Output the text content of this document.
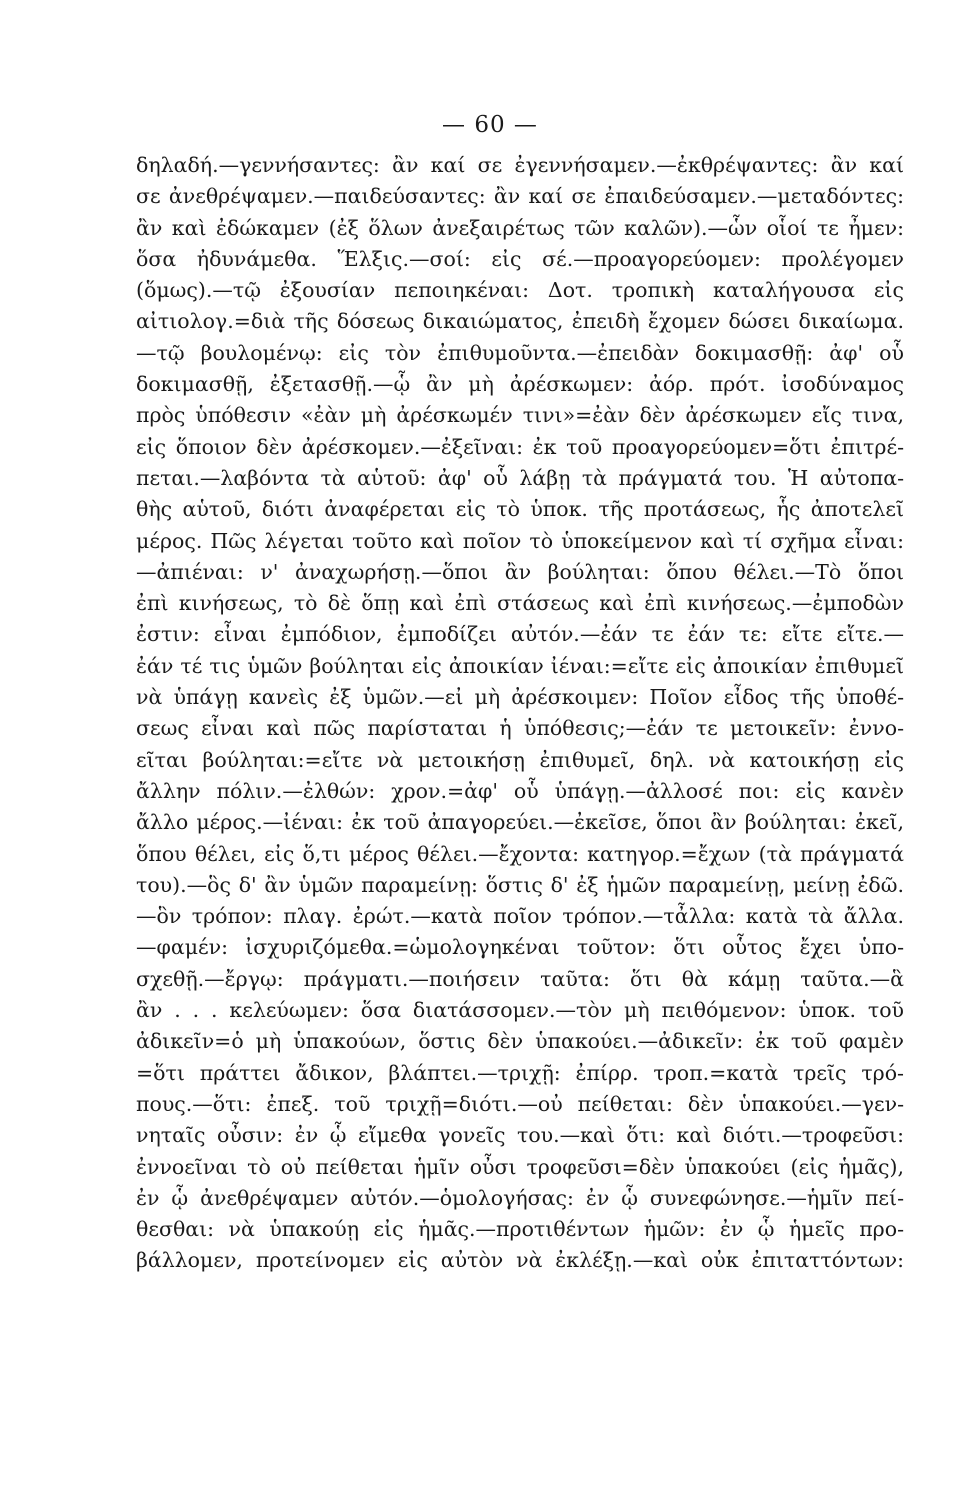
— 60 —
δηλαδή.—γεννήσαντες: ἂν καί σε ἐγεννήσαμεν.—ἐκθρέψαντες: ἂν καί
σε ἀνεθρέψαμεν.—παιδεύσαντες: ἂν καί σε ἐπαιδεύσαμεν.—μεταδόντες:
ἂν καὶ ἐδώκαμεν (ἐξ ὅλων ἀνεξαιρέτως τῶν καλῶν).—ὧν οἷοί τε ἦμεν:
ὅσα ἠδυνάμεθα. Ἕλξις.—σοί: εἰς σέ.—προαγορεύομεν: προλέγομεν
(ὅμως).—τῷ ἐξουσίαν πεποιηκέναι: Δοτ. τροπικὴ καταλήγουσα εἰς
αἰτιολογ.=διὰ τῆς δόσεως δικαιώματος, ἐπειδὴ ἔχομεν δώσει δικαίωμα.
—τῷ βουλομένῳ: εἰς τὸν ἐπιθυμοῦντα.—ἐπειδὰν δοκιμασθῇ: ἀφ' οὗ
δοκιμασθῇ, ἐξετασθῇ.—ᾧ ἂν μὴ ἀρέσκωμεν: ἀόρ. πρότ. ἰσοδύναμος
πρὸς ὑπόθεσιν «ἐὰν μὴ ἀρέσκωμέν τινι»=ἐὰν δὲν ἀρέσκωμεν εἴς τινα,
εἰς ὅποιον δὲν ἀρέσκομεν.—ἐξεῖναι: ἐκ τοῦ προαγορεύομεν=ὅτι ἐπιτρέ-
πεται.—λαβόντα τὰ αὑτοῦ: ἀφ' οὗ λάβῃ τὰ πράγματά του. Ἡ αὐτοπα-
θὴς αὑτοῦ, διότι ἀναφέρεται εἰς τὸ ὑποκ. τῆς προτάσεως, ἧς ἀποτελεῖ
μέρος. Πῶς λέγεται τοῦτο καὶ ποῖον τὸ ὑποκείμενον καὶ τί σχῆμα εἶναι:
—ἀπιέναι: ν' ἀναχωρήσῃ.—ὅποι ἂν βούληται: ὅπου θέλει.—Τὸ ὅποι
ἐπὶ κινήσεως, τὸ δὲ ὅπῃ καὶ ἐπὶ στάσεως καὶ ἐπὶ κινήσεως.—ἐμποδὼν
ἐστιν: εἶναι ἐμπόδιον, ἐμποδίζει αὐτόν.—ἐάν τε ἐάν τε: εἴτε εἴτε.—
ἐάν τέ τις ὑμῶν βούληται εἰς ἀποικίαν ἰέναι:=εἴτε εἰς ἀποικίαν ἐπιθυμεῖ
νὰ ὑπάγῃ κανεὶς ἐξ ὑμῶν.—εἰ μὴ ἀρέσκοιμεν: Ποῖον εἶδος τῆς ὑποθέ-
σεως εἶναι καὶ πῶς παρίσταται ἡ ὑπόθεσις;—ἐάν τε μετοικεῖν: ἐννο-
εῖται βούληται:=εἴτε νὰ μετοικήσῃ ἐπιθυμεῖ, δηλ. νὰ κατοικήσῃ εἰς
ἄλλην πόλιν.—ἐλθών: χρον.=ἀφ' οὗ ὑπάγῃ.—ἀλλοσέ ποι: εἰς κανὲν
ἄλλο μέρος.—ἰέναι: ἐκ τοῦ ἀπαγορεύει.—ἐκεῖσε, ὅποι ἂν βούληται: ἐκεῖ,
ὅπου θέλει, εἰς ὅ,τι μέρος θέλει.—ἔχοντα: κατηγορ.=ἔχων (τὰ πράγματά
του).—ὃς δ' ἂν ὑμῶν παραμείνῃ: ὅστις δ' ἐξ ἡμῶν παραμείνῃ, μείνῃ ἐδῶ.
—ὃν τρόπον: πλαγ. ἐρώτ.—κατὰ ποῖον τρόπον.—τἆλλα: κατὰ τὰ ἄλλα.
—φαμέν: ἰσχυριζόμεθα.=ὡμολογηκέναι τοῦτον: ὅτι οὗτος ἔχει ὑπο-
σχεθῇ.—ἔργῳ: πράγματι.—ποιήσειν ταῦτα: ὅτι θὰ κάμῃ ταῦτα.—ἃ
ἂν . . . κελεύωμεν: ὅσα διατάσσομεν.—τὸν μὴ πειθόμενον: ὑποκ. τοῦ
ἀδικεῖν=ὁ μὴ ὑπακούων, ὅστις δὲν ὑπακούει.—ἀδικεῖν: ἐκ τοῦ φαμὲν
=ὅτι πράττει ἄδικον, βλάπτει.—τριχῇ: ἐπίρρ. τροπ.=κατὰ τρεῖς τρό-
πους.—ὅτι: ἐπεξ. τοῦ τριχῇ=διότι.—οὐ πείθεται: δὲν ὑπακούει.—γεν-
νηταῖς οὖσιν: ἐν ᾧ εἴμεθα γονεῖς του.—καὶ ὅτι: καὶ διότι.—τροφεῦσι:
ἐννοεῖναι τὸ οὐ πείθεται ἡμῖν οὖσι τροφεῦσι=δὲν ὑπακούει (εἰς ἡμᾶς),
ἐν ᾧ ἀνεθρέψαμεν αὐτόν.—ὁμολογήσας: ἐν ᾧ συνεφώνησε.—ἡμῖν πεί-
θεσθαι: νὰ ὑπακούῃ εἰς ἡμᾶς.—προτιθέντων ἡμῶν: ἐν ᾧ ἡμεῖς προ-
βάλλομεν, προτείνομεν εἰς αὐτὸν νὰ ἐκλέξῃ.—καὶ οὐκ ἐπιταττόντων:
